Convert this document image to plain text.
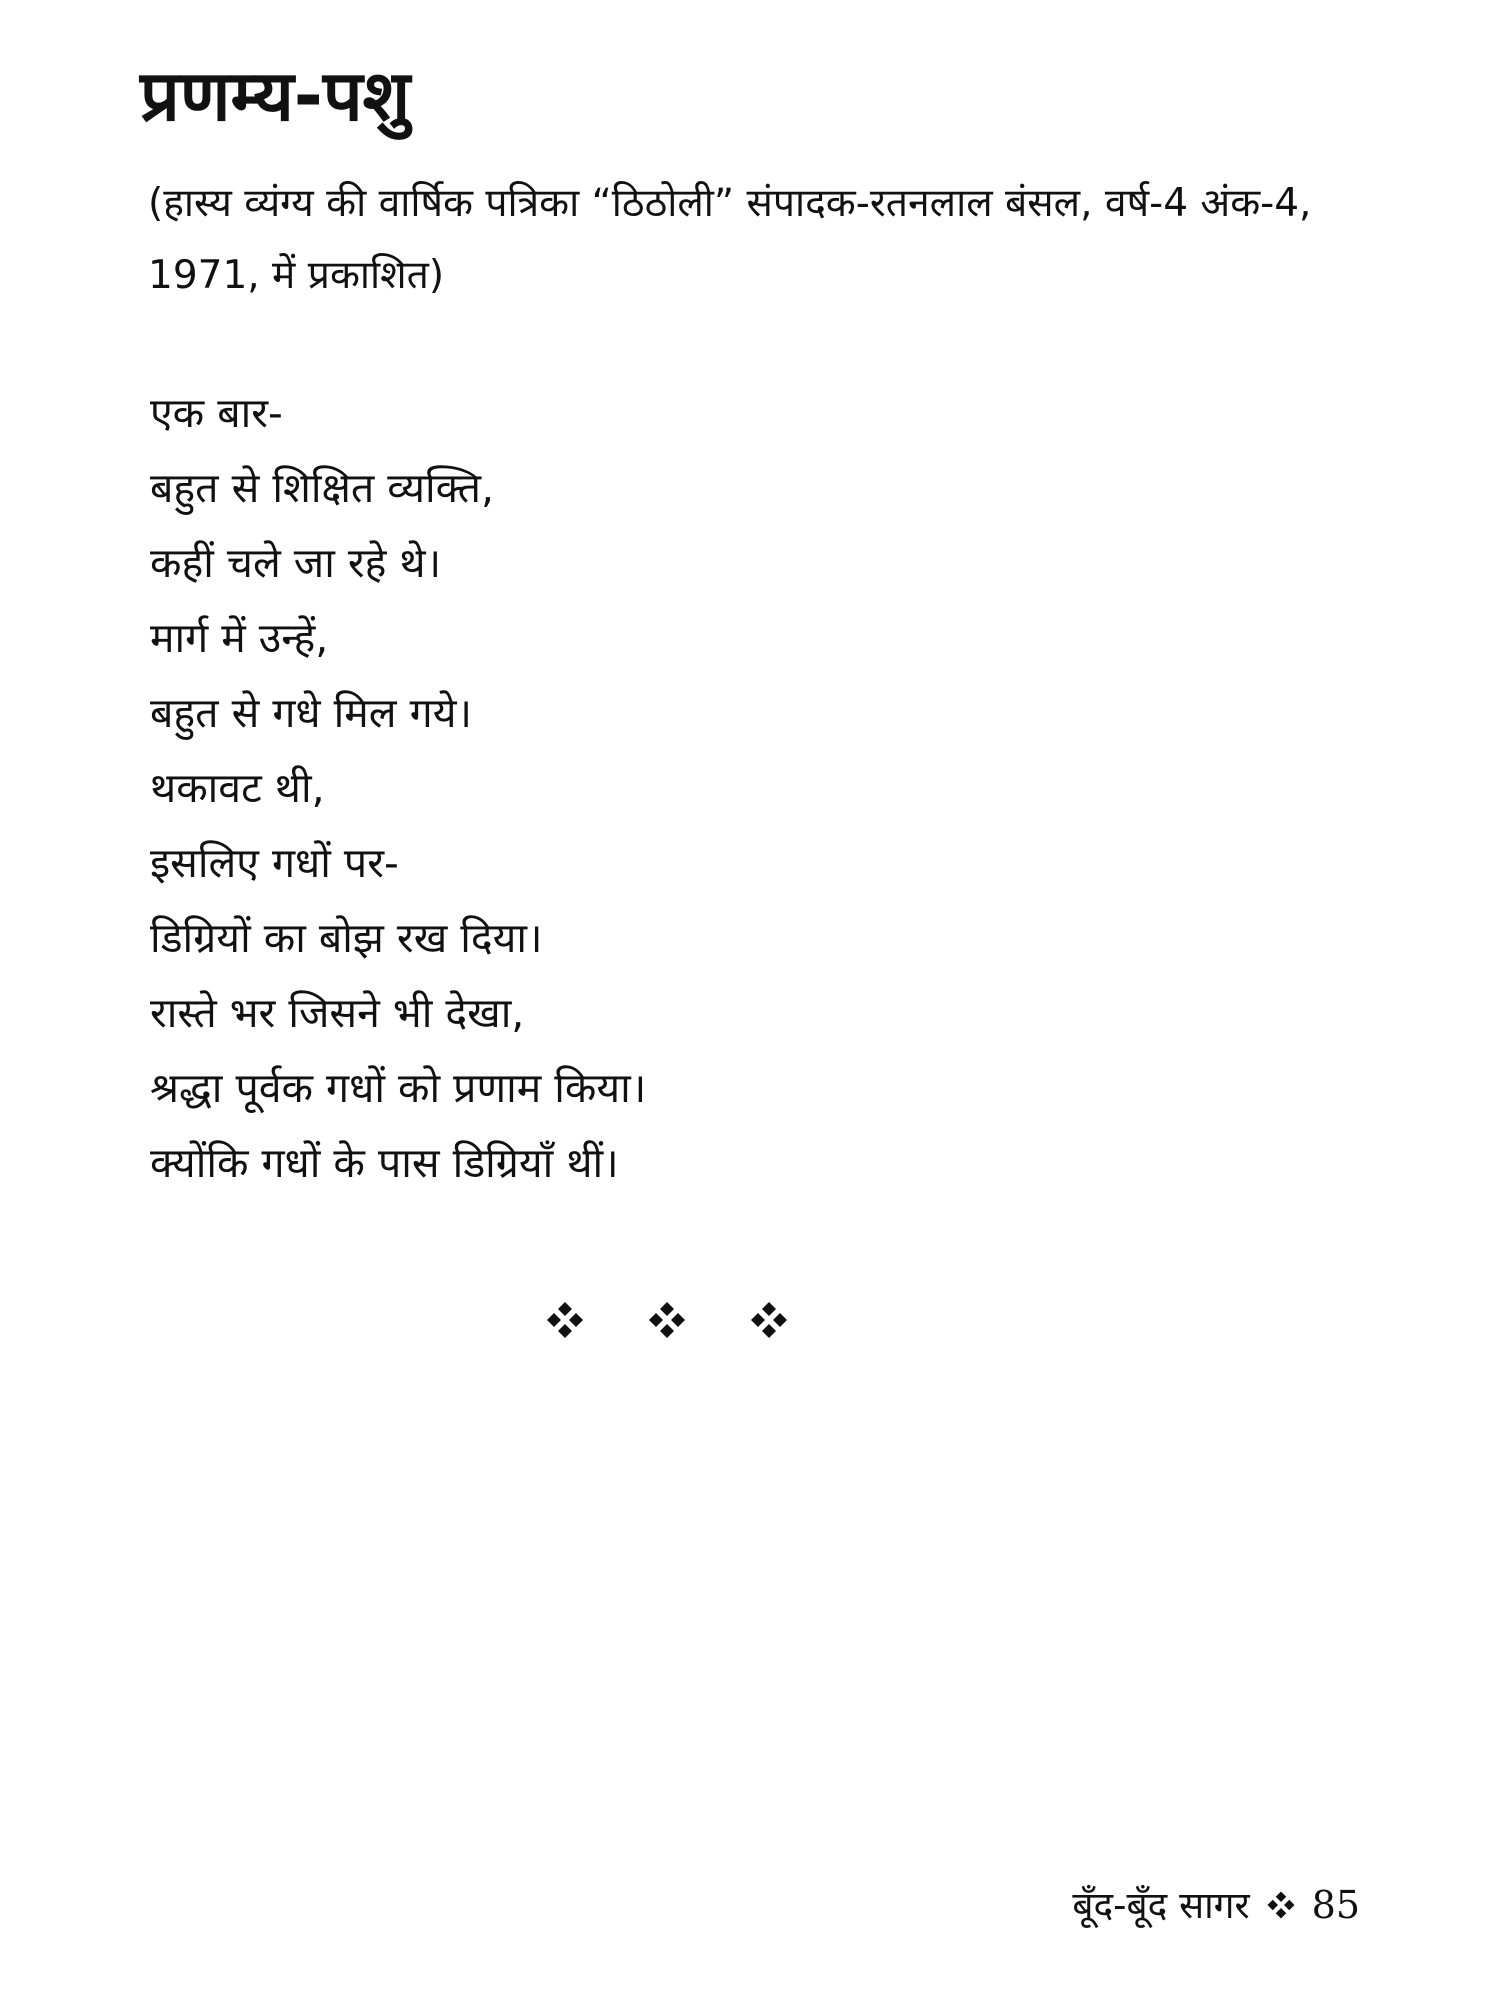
प्रणम्य-पशु

(हास्य व्यंग्य की वार्षिक पत्रिका “ठिठोली” संपादक-रतनलाल बंसल, वर्ष-4 अंक-4, 1971, में प्रकाशित)

एक बार-
बहुत से शिक्षित व्यक्ति,
कहीं चले जा रहे थे।
मार्ग में उन्हें,
बहुत से गधे मिल गये।
थकावट थी,
इसलिए गधों पर-
डिग्रियों का बोझ रख दिया।
रास्ते भर जिसने भी देखा,
श्रद्धा पूर्वक गधों को प्रणाम किया।
क्योंकि गधों के पास डिग्रियाँ थीं।
बूँद-बूँद सागर 85
